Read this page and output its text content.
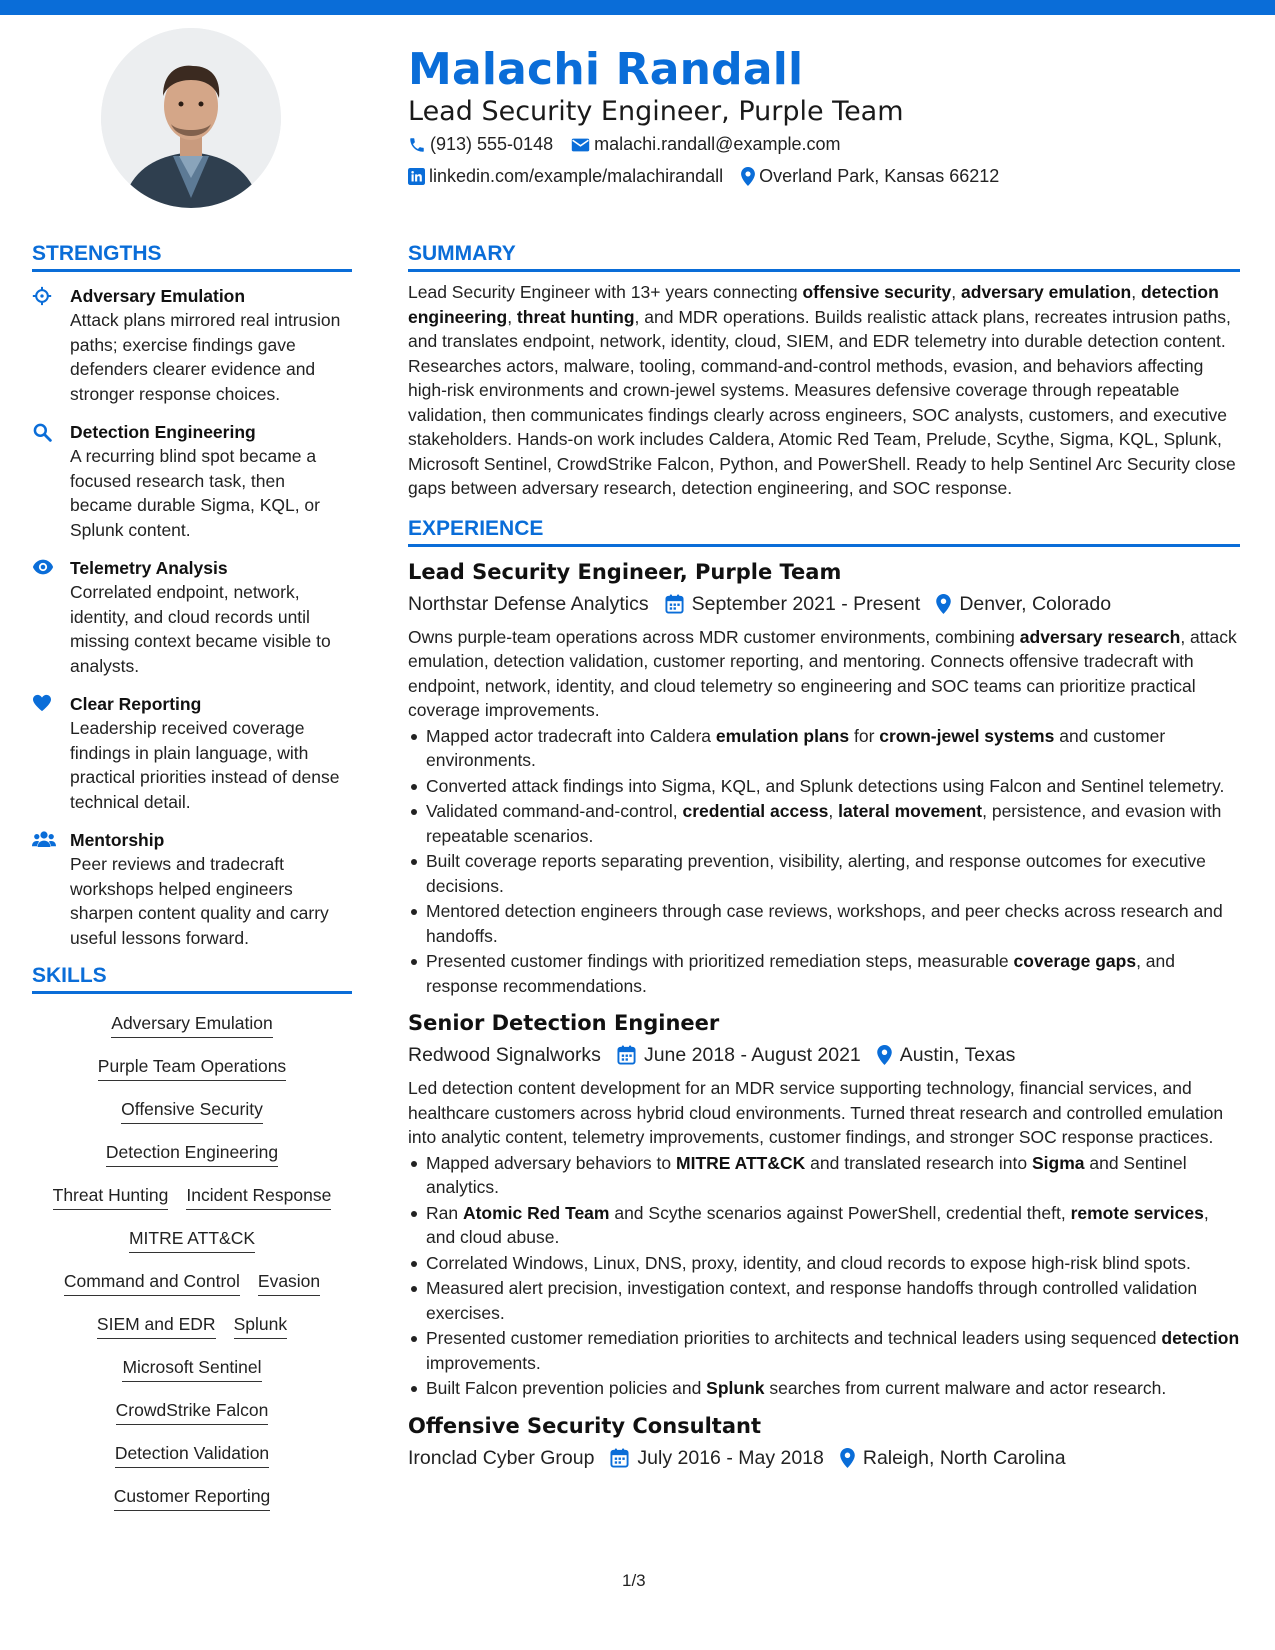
Malachi Randall
Lead Security Engineer, Purple Team
(913) 555-0148 malachi.randall@example.com
linkedin.com/example/malachirandall Overland Park, Kansas 66212
STRENGTHS
Adversary Emulation
Attack plans mirrored real intrusion paths; exercise findings gave defenders clearer evidence and stronger response choices.
Detection Engineering
A recurring blind spot became a focused research task, then became durable Sigma, KQL, or Splunk content.
Telemetry Analysis
Correlated endpoint, network, identity, and cloud records until missing context became visible to analysts.
Clear Reporting
Leadership received coverage findings in plain language, with practical priorities instead of dense technical detail.
Mentorship
Peer reviews and tradecraft workshops helped engineers sharpen content quality and carry useful lessons forward.
SKILLS
Adversary Emulation
Purple Team Operations
Offensive Security
Detection Engineering
Threat Hunting Incident Response
MITRE ATT&CK
Command and Control Evasion
SIEM and EDR Splunk
Microsoft Sentinel
CrowdStrike Falcon
Detection Validation
Customer Reporting
SUMMARY
Lead Security Engineer with 13+ years connecting offensive security, adversary emulation, detection engineering, threat hunting, and MDR operations. Builds realistic attack plans, recreates intrusion paths, and translates endpoint, network, identity, cloud, SIEM, and EDR telemetry into durable detection content. Researches actors, malware, tooling, command-and-control methods, evasion, and behaviors affecting high-risk environments and crown-jewel systems. Measures defensive coverage through repeatable validation, then communicates findings clearly across engineers, SOC analysts, customers, and executive stakeholders. Hands-on work includes Caldera, Atomic Red Team, Prelude, Scythe, Sigma, KQL, Splunk, Microsoft Sentinel, CrowdStrike Falcon, Python, and PowerShell. Ready to help Sentinel Arc Security close gaps between adversary research, detection engineering, and SOC response.
EXPERIENCE
Lead Security Engineer, Purple Team
Northstar Defense Analytics September 2021 - Present Denver, Colorado
Owns purple-team operations across MDR customer environments, combining adversary research, attack emulation, detection validation, customer reporting, and mentoring. Connects offensive tradecraft with endpoint, network, identity, and cloud telemetry so engineering and SOC teams can prioritize practical coverage improvements.
Mapped actor tradecraft into Caldera emulation plans for crown-jewel systems and customer environments.
Converted attack findings into Sigma, KQL, and Splunk detections using Falcon and Sentinel telemetry.
Validated command-and-control, credential access, lateral movement, persistence, and evasion with repeatable scenarios.
Built coverage reports separating prevention, visibility, alerting, and response outcomes for executive decisions.
Mentored detection engineers through case reviews, workshops, and peer checks across research and handoffs.
Presented customer findings with prioritized remediation steps, measurable coverage gaps, and response recommendations.
Senior Detection Engineer
Redwood Signalworks June 2018 - August 2021 Austin, Texas
Led detection content development for an MDR service supporting technology, financial services, and healthcare customers across hybrid cloud environments. Turned threat research and controlled emulation into analytic content, telemetry improvements, customer findings, and stronger SOC response practices.
Mapped adversary behaviors to MITRE ATT&CK and translated research into Sigma and Sentinel analytics.
Ran Atomic Red Team and Scythe scenarios against PowerShell, credential theft, remote services, and cloud abuse.
Correlated Windows, Linux, DNS, proxy, identity, and cloud records to expose high-risk blind spots.
Measured alert precision, investigation context, and response handoffs through controlled validation exercises.
Presented customer remediation priorities to architects and technical leaders using sequenced detection improvements.
Built Falcon prevention policies and Splunk searches from current malware and actor research.
Offensive Security Consultant
Ironclad Cyber Group July 2016 - May 2018 Raleigh, North Carolina
1/3
